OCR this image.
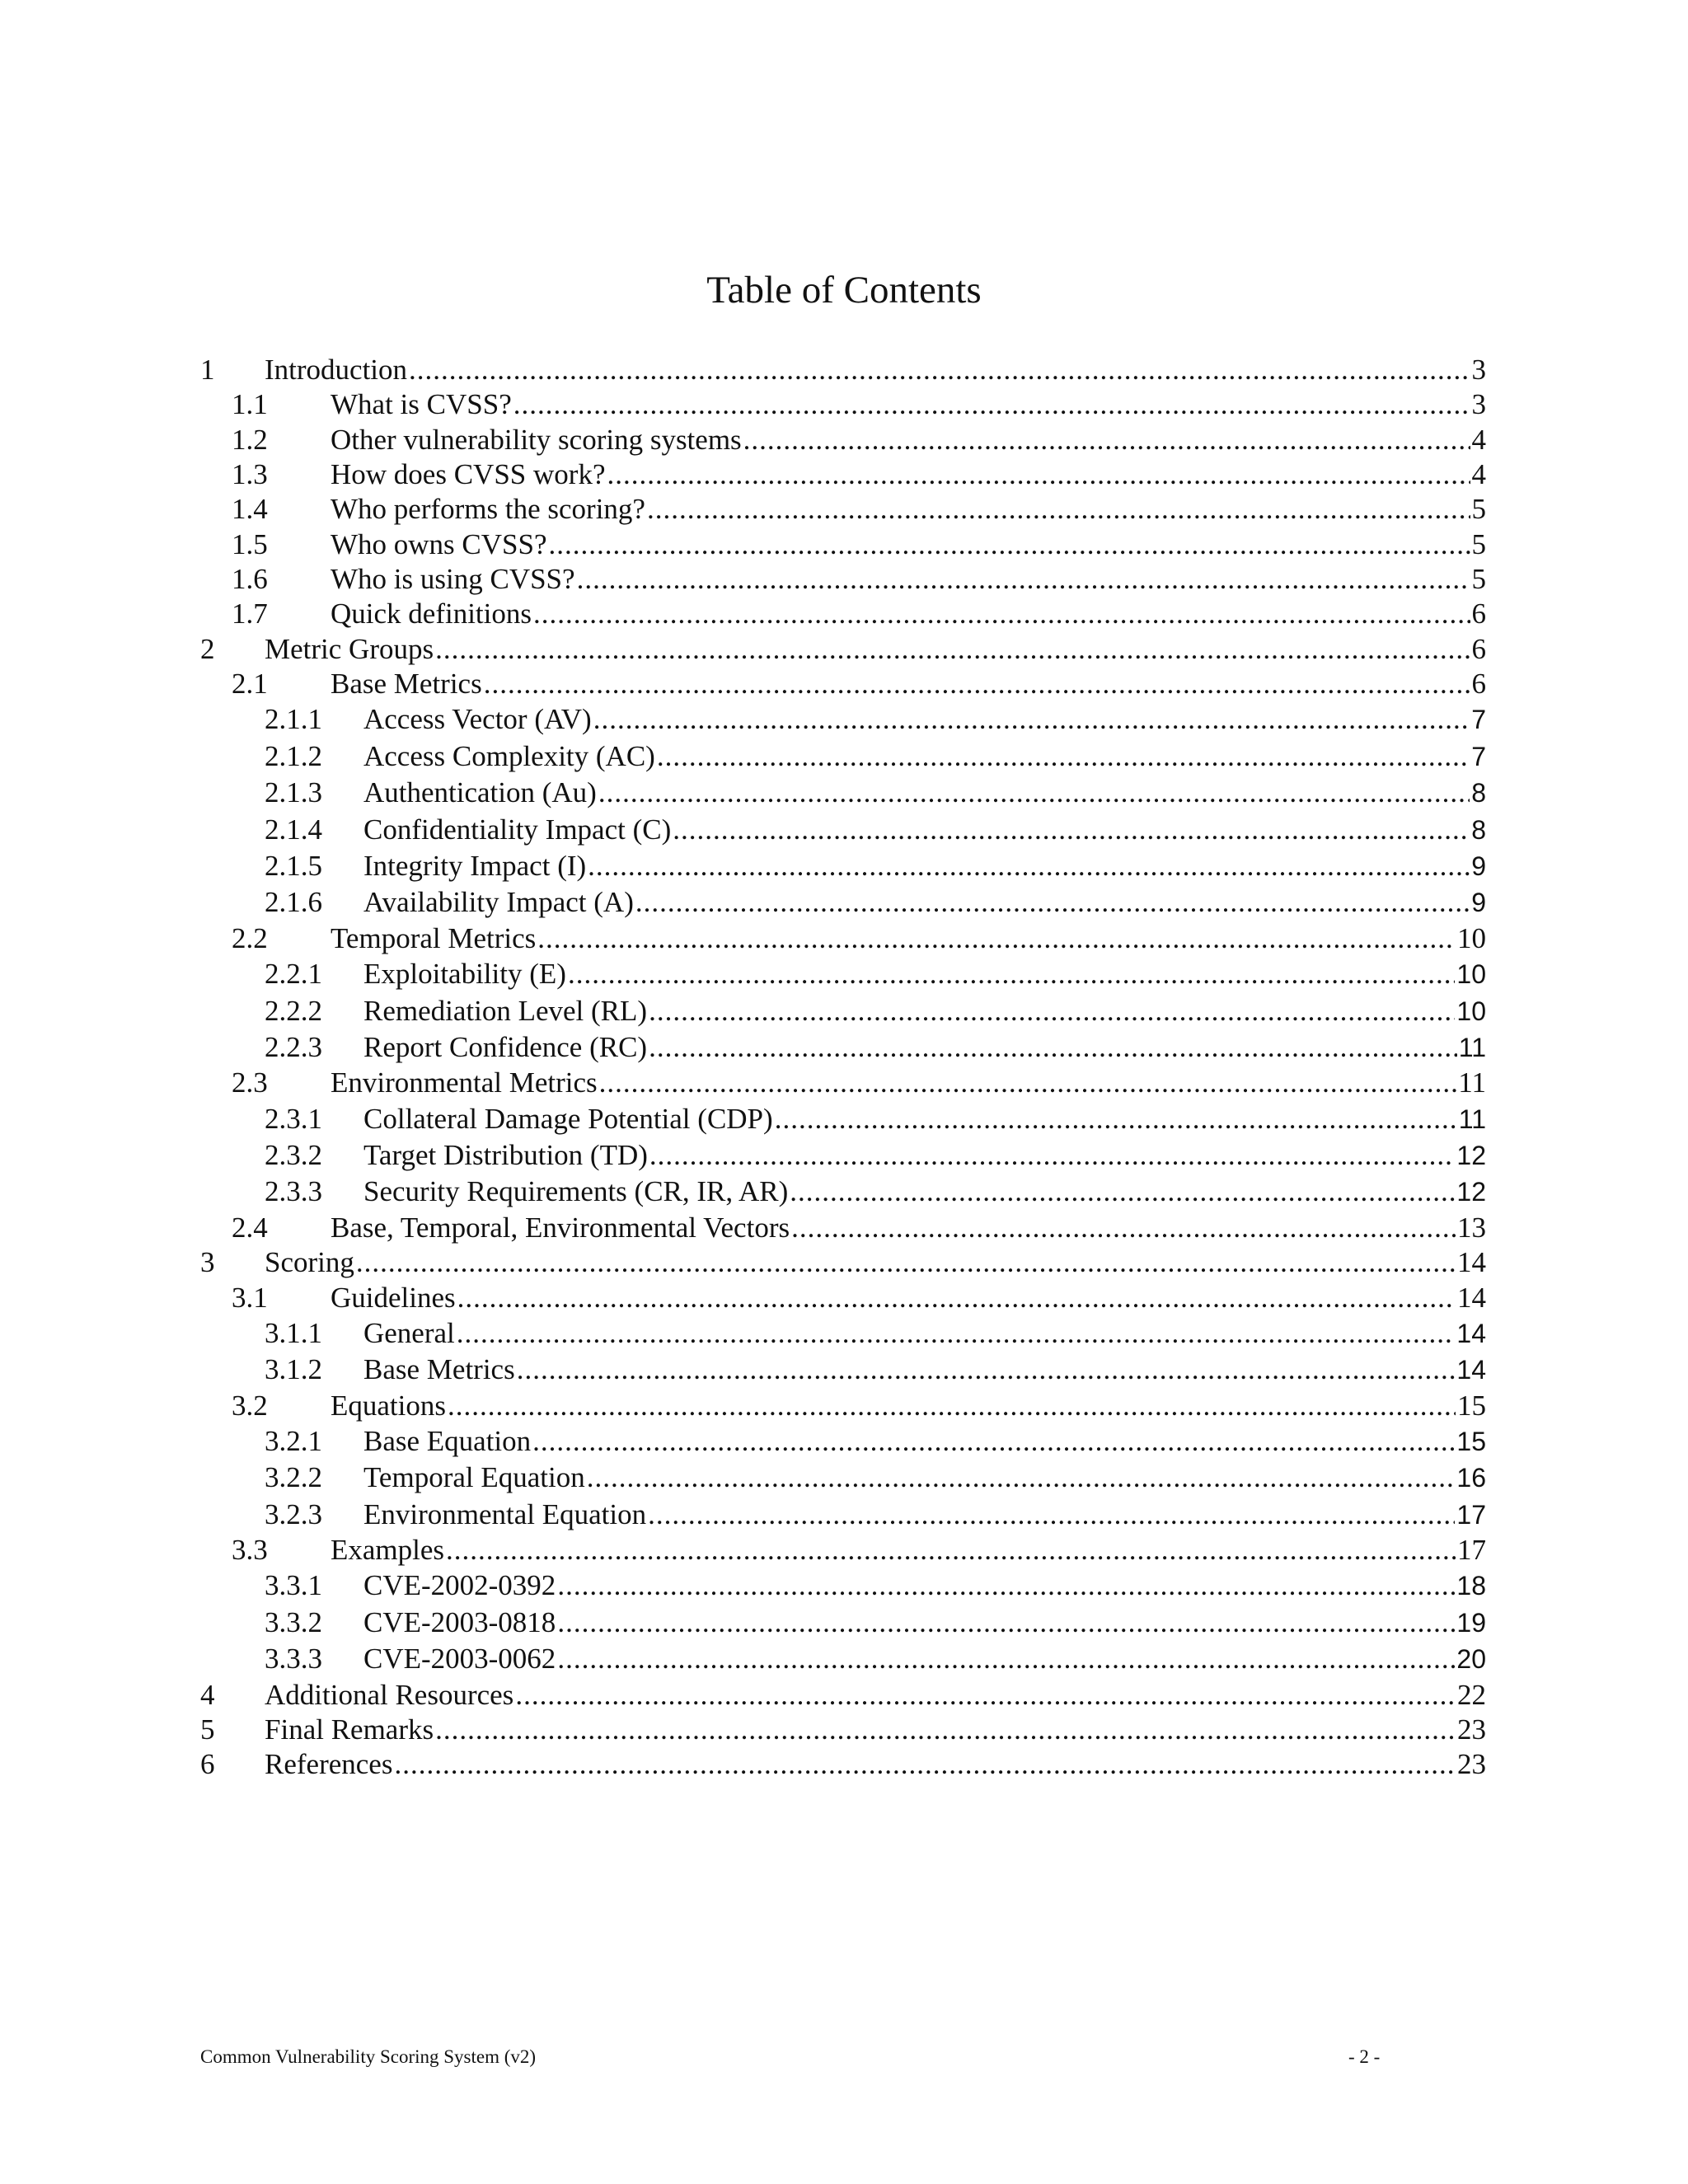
Table of Contents
1 Introduction .....	3
1.1 What is CVSS? .....	3
1.2 Other vulnerability scoring systems .....	4
1.3 How does CVSS work? .....	4
1.4 Who performs the scoring? .....	5
1.5 Who owns CVSS? .....	5
1.6 Who is using CVSS? .....	5
1.7 Quick definitions .....	6
2 Metric Groups .....	6
2.1 Base Metrics .....	6
2.1.1 Access Vector (AV) .....	7
2.1.2 Access Complexity (AC) .....	7
2.1.3 Authentication (Au) .....	8
2.1.4 Confidentiality Impact (C) .....	8
2.1.5 Integrity Impact (I) .....	9
2.1.6 Availability Impact (A) .....	9
2.2 Temporal Metrics .....	10
2.2.1 Exploitability (E) .....	10
2.2.2 Remediation Level (RL) .....	10
2.2.3 Report Confidence (RC) .....	11
2.3 Environmental Metrics .....	11
2.3.1 Collateral Damage Potential (CDP) .....	11
2.3.2 Target Distribution (TD) .....	12
2.3.3 Security Requirements (CR, IR, AR) .....	12
2.4 Base, Temporal, Environmental Vectors .....	13
3 Scoring .....	14
3.1 Guidelines .....	14
3.1.1 General .....	14
3.1.2 Base Metrics .....	14
3.2 Equations .....	15
3.2.1 Base Equation .....	15
3.2.2 Temporal Equation .....	16
3.2.3 Environmental Equation .....	17
3.3 Examples .....	17
3.3.1 CVE-2002-0392 .....	18
3.3.2 CVE-2003-0818 .....	19
3.3.3 CVE-2003-0062 .....	20
4 Additional Resources .....	22
5 Final Remarks .....	23
6 References .....	23
Common Vulnerability Scoring System (v2)	- 2 -
